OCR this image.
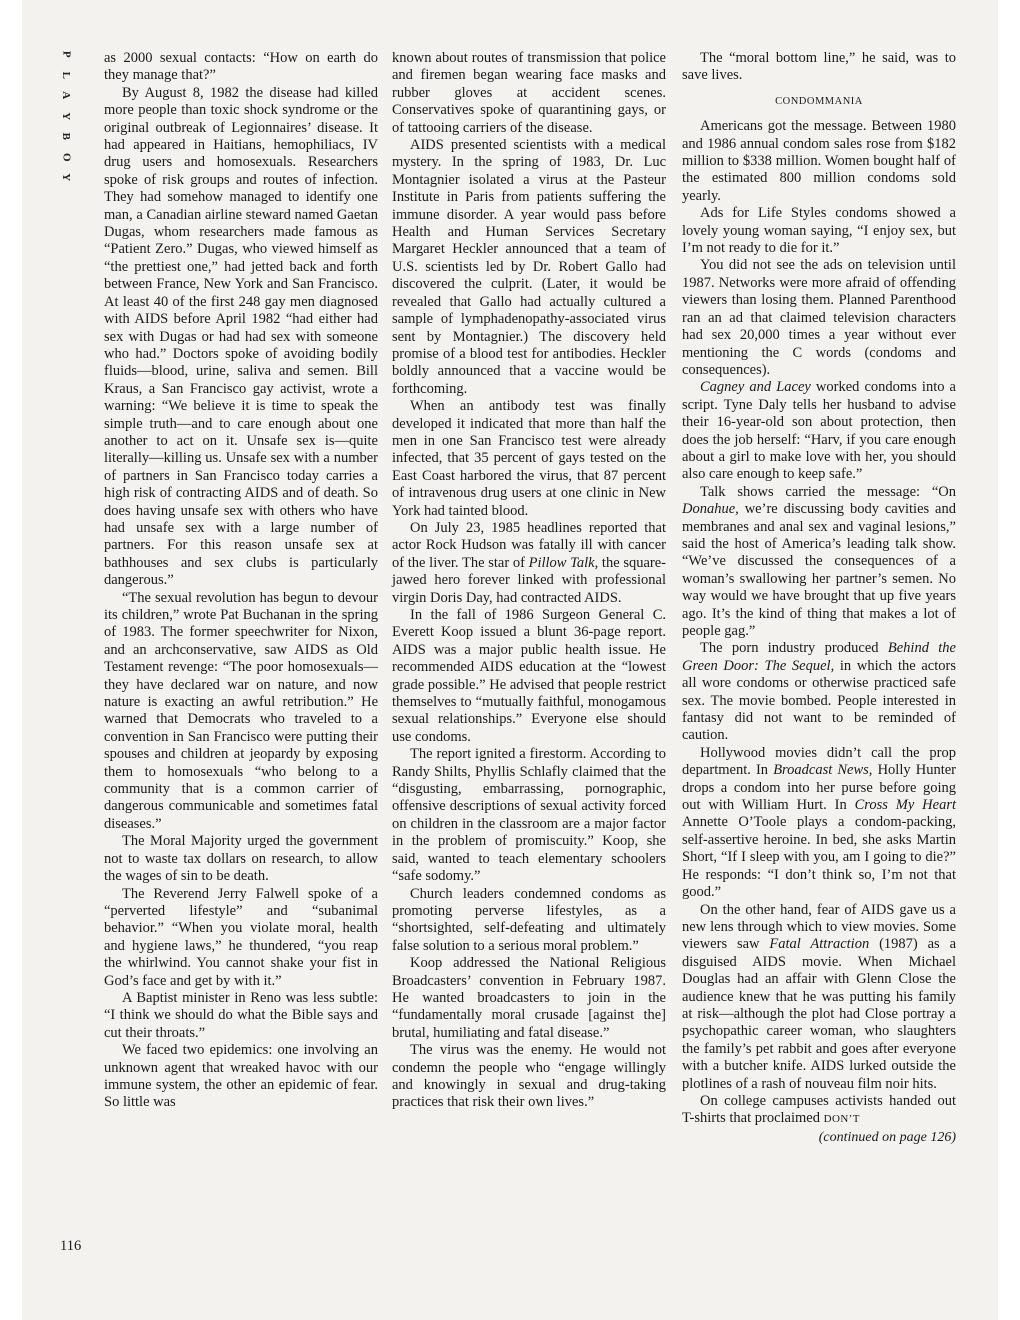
P
L
A
Y
B
O
Y

as 2000 sexual contacts: “How on earth do they manage that?”

By August 8, 1982 the disease had killed more people than toxic shock syndrome or the original outbreak of Legionnaires’ disease. It had appeared in Haitians, hemophiliacs, IV drug users and homosexuals. Researchers spoke of risk groups and routes of infection. They had somehow managed to identify one man, a Canadian airline steward named Gaetan Dugas, whom researchers made famous as “Patient Zero.” Dugas, who viewed himself as “the prettiest one,” had jetted back and forth between France, New York and San Francisco. At least 40 of the first 248 gay men diagnosed with AIDS before April 1982 “had either had sex with Dugas or had had sex with someone who had.” Doctors spoke of avoiding bodily fluids—blood, urine, saliva and semen. Bill Kraus, a San Francisco gay activist, wrote a warning: “We believe it is time to speak the simple truth—and to care enough about one another to act on it. Unsafe sex is—quite literally—killing us. Unsafe sex with a number of partners in San Francisco today carries a high risk of contracting AIDS and of death. So does having unsafe sex with others who have had unsafe sex with a large number of partners. For this reason unsafe sex at bathhouses and sex clubs is particularly dangerous.”

“The sexual revolution has begun to devour its children,” wrote Pat Buchanan in the spring of 1983. The former speechwriter for Nixon, and an archconservative, saw AIDS as Old Testament revenge: “The poor homosexuals—they have declared war on nature, and now nature is exacting an awful retribution.” He warned that Democrats who traveled to a convention in San Francisco were putting their spouses and children at jeopardy by exposing them to homosexuals “who belong to a community that is a common carrier of dangerous communicable and sometimes fatal diseases.”

The Moral Majority urged the government not to waste tax dollars on research, to allow the wages of sin to be death.

The Reverend Jerry Falwell spoke of a “perverted lifestyle” and “subanimal behavior.” “When you violate moral, health and hygiene laws,” he thundered, “you reap the whirlwind. You cannot shake your fist in God’s face and get by with it.”

A Baptist minister in Reno was less subtle: “I think we should do what the Bible says and cut their throats.”

We faced two epidemics: one involving an unknown agent that wreaked havoc with our immune system, the other an epidemic of fear. So little was

known about routes of transmission that police and firemen began wearing face masks and rubber gloves at accident scenes. Conservatives spoke of quarantining gays, or of tattooing carriers of the disease.

AIDS presented scientists with a medical mystery. In the spring of 1983, Dr. Luc Montagnier isolated a virus at the Pasteur Institute in Paris from patients suffering the immune disorder. A year would pass before Health and Human Services Secretary Margaret Heckler announced that a team of U.S. scientists led by Dr. Robert Gallo had discovered the culprit. (Later, it would be revealed that Gallo had actually cultured a sample of lymphadenopathy-associated virus sent by Montagnier.) The discovery held promise of a blood test for antibodies. Heckler boldly announced that a vaccine would be forthcoming.

When an antibody test was finally developed it indicated that more than half the men in one San Francisco test were already infected, that 35 percent of gays tested on the East Coast harbored the virus, that 87 percent of intravenous drug users at one clinic in New York had tainted blood.

On July 23, 1985 headlines reported that actor Rock Hudson was fatally ill with cancer of the liver. The star of Pillow Talk, the square-jawed hero forever linked with professional virgin Doris Day, had contracted AIDS.

In the fall of 1986 Surgeon General C. Everett Koop issued a blunt 36-page report. AIDS was a major public health issue. He recommended AIDS education at the “lowest grade possible.” He advised that people restrict themselves to “mutually faithful, monogamous sexual relationships.” Everyone else should use condoms.

The report ignited a firestorm. According to Randy Shilts, Phyllis Schlafly claimed that the “disgusting, embarrassing, pornographic, offensive descriptions of sexual activity forced on children in the classroom are a major factor in the problem of promiscuity.” Koop, she said, wanted to teach elementary schoolers “safe sodomy.”

Church leaders condemned condoms as promoting perverse lifestyles, as a “shortsighted, self-defeating and ultimately false solution to a serious moral problem.”

Koop addressed the National Religious Broadcasters’ convention in February 1987. He wanted broadcasters to join in the “fundamentally moral crusade [against the] brutal, humiliating and fatal disease.”

The virus was the enemy. He would not condemn the people who “engage willingly and knowingly in sexual and drug-taking practices that risk their own lives.”

The “moral bottom line,” he said, was to save lives.

CONDOMMANIA

Americans got the message. Between 1980 and 1986 annual condom sales rose from $182 million to $338 million. Women bought half of the estimated 800 million condoms sold yearly.

Ads for Life Styles condoms showed a lovely young woman saying, “I enjoy sex, but I’m not ready to die for it.”

You did not see the ads on television until 1987. Networks were more afraid of offending viewers than losing them. Planned Parenthood ran an ad that claimed television characters had sex 20,000 times a year without ever mentioning the C words (condoms and consequences).

Cagney and Lacey worked condoms into a script. Tyne Daly tells her husband to advise their 16-year-old son about protection, then does the job herself: “Harv, if you care enough about a girl to make love with her, you should also care enough to keep safe.”

Talk shows carried the message: “On Donahue, we’re discussing body cavities and membranes and anal sex and vaginal lesions,” said the host of America’s leading talk show. “We’ve discussed the consequences of a woman’s swallowing her partner’s semen. No way would we have brought that up five years ago. It’s the kind of thing that makes a lot of people gag.”

The porn industry produced Behind the Green Door: The Sequel, in which the actors all wore condoms or otherwise practiced safe sex. The movie bombed. People interested in fantasy did not want to be reminded of caution.

Hollywood movies didn’t call the prop department. In Broadcast News, Holly Hunter drops a condom into her purse before going out with William Hurt. In Cross My Heart Annette O’Toole plays a condom-packing, self-assertive heroine. In bed, she asks Martin Short, “If I sleep with you, am I going to die?” He responds: “I don’t think so, I’m not that good.”

On the other hand, fear of AIDS gave us a new lens through which to view movies. Some viewers saw Fatal Attraction (1987) as a disguised AIDS movie. When Michael Douglas had an affair with Glenn Close the audience knew that he was putting his family at risk—although the plot had Close portray a psychopathic career woman, who slaughters the family’s pet rabbit and goes after everyone with a butcher knife. AIDS lurked outside the plotlines of a rash of nouveau film noir hits.

On college campuses activists handed out T-shirts that proclaimed DON’T

(continued on page 126)
116
